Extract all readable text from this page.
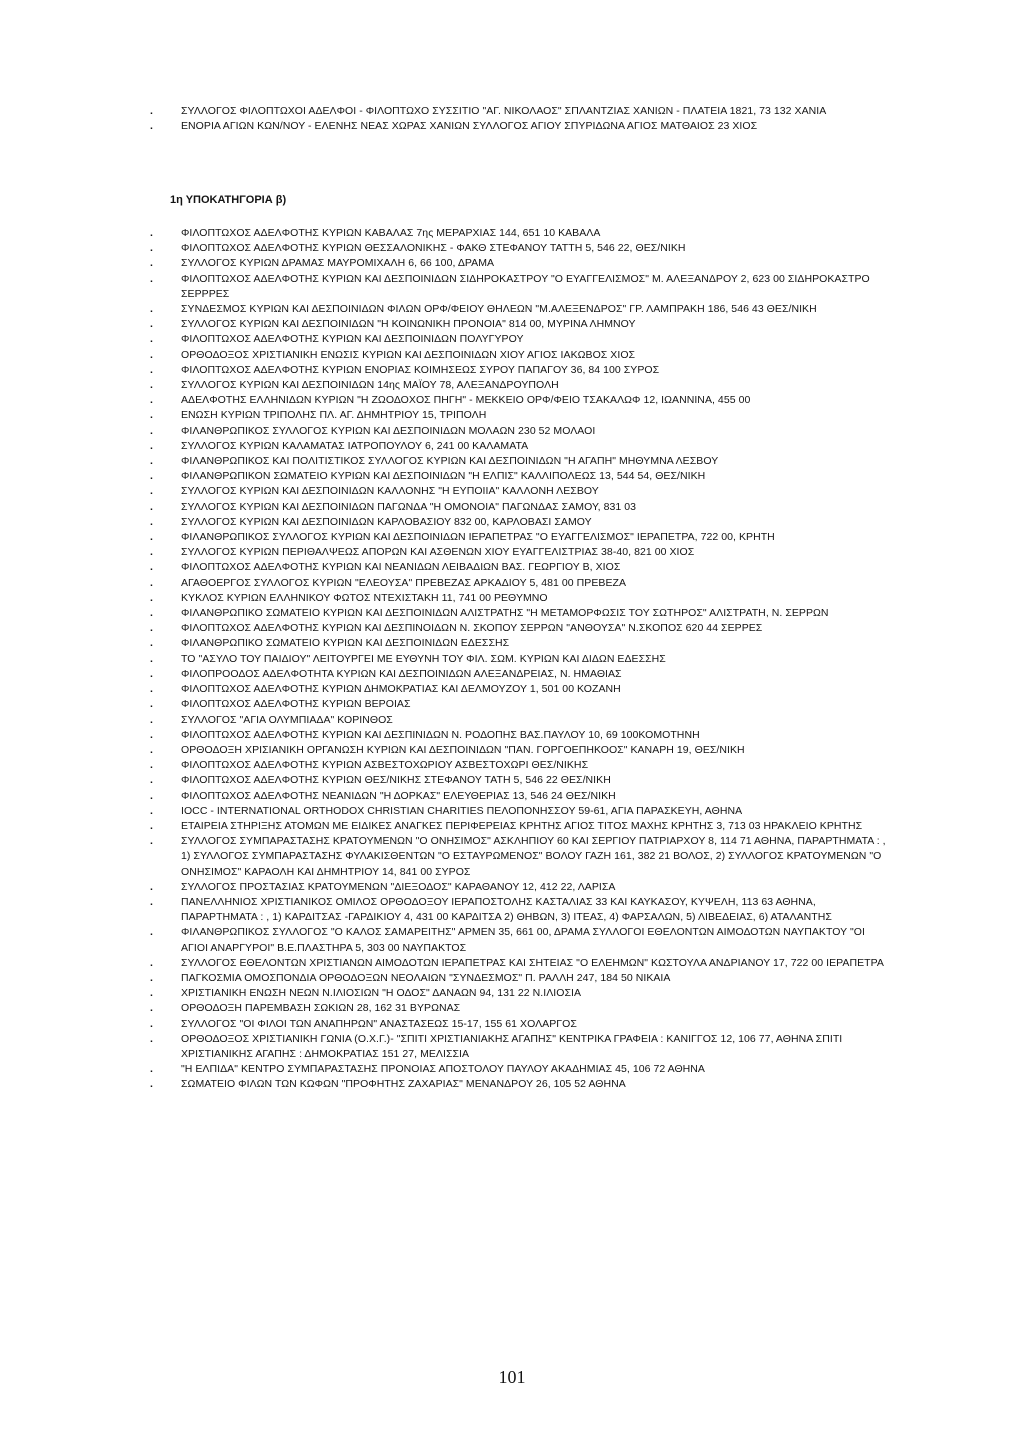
.	ΣΥΛΛΟΓΟΣ ΦΙΛΟΠΤΩΧΟΙ ΑΔΕΛΦΟΙ - ΦΙΛΟΠΤΩΧΟ ΣΥΣΣΙΤΙΟ "ΑΓ. ΝΙΚΟΛΑΟΣ" ΣΠΛΑΝΤΖΙΑΣ ΧΑΝΙΩΝ - ΠΛΑΤΕΙΑ 1821, 73 132 ΧΑΝΙΑ
.	ΕΝΟΡΙΑ ΑΓΙΩΝ ΚΩΝ/ΝΟΥ - ΕΛΕΝΗΣ ΝΕΑΣ ΧΩΡΑΣ ΧΑΝΙΩΝ ΣΥΛΛΟΓΟΣ ΑΓΙΟΥ ΣΠΥΡΙΔΩΝΑ ΑΓΙΟΣ ΜΑΤΘΑΙΟΣ 23 ΧΙΟΣ
1η ΥΠΟΚΑΤΗΓΟΡΙΑ β)
.	ΦΙΛΟΠΤΩΧΟΣ ΑΔΕΛΦΟΤΗΣ ΚΥΡΙΩΝ ΚΑΒΑΛΑΣ 7ης ΜΕΡΑΡΧΙΑΣ 144, 651 10 ΚΑΒΑΛΑ
.	ΦΙΛΟΠΤΩΧΟΣ ΑΔΕΛΦΟΤΗΣ ΚΥΡΙΩΝ ΘΕΣΣΑΛΟΝΙΚΗΣ - ΦΑΚΘ ΣΤΕΦΑΝΟΥ ΤΑΤΤΗ 5, 546 22, ΘΕΣ/ΝΙΚΗ
.	ΣΥΛΛΟΓΟΣ ΚΥΡΙΩΝ ΔΡΑΜΑΣ ΜΑΥΡΟΜΙΧΑΛΗ 6, 66 100, ΔΡΑΜΑ
.	ΦΙΛΟΠΤΩΧΟΣ ΑΔΕΛΦΟΤΗΣ ΚΥΡΙΩΝ ΚΑΙ ΔΕΣΠΟΙΝΙΔΩΝ ΣΙΔΗΡΟΚΑΣΤΡΟΥ "Ο ΕΥΑΓΓΕΛΙΣΜΟΣ" Μ. ΑΛΕΞΑΝΔΡΟΥ 2, 623 00 ΣΙΔΗΡΟΚΑΣΤΡΟ ΣΕΡΡΡΕΣ
.	ΣΥΝΔΕΣΜΟΣ ΚΥΡΙΩΝ ΚΑΙ ΔΕΣΠΟΙΝΙΔΩΝ ΦΙΛΩΝ ΟΡΦ/ΦΕΙΟΥ ΘΗΛΕΩΝ "Μ.ΑΛΕΞΕΝΔΡΟΣ" ΓΡ. ΛΑΜΠΡΑΚΗ 186, 546 43 ΘΕΣ/ΝΙΚΗ
.	ΣΥΛΛΟΓΟΣ ΚΥΡΙΩΝ ΚΑΙ ΔΕΣΠΟΙΝΙΔΩΝ "Η ΚΟΙΝΩΝΙΚΗ ΠΡΟΝΟΙΑ" 814 00, ΜΥΡΙΝΑ ΛΗΜΝΟΥ
.	ΦΙΛΟΠΤΩΧΟΣ ΑΔΕΛΦΟΤΗΣ ΚΥΡΙΩΝ ΚΑΙ ΔΕΣΠΟΙΝΙΔΩΝ ΠΟΛΥΓΥΡΟΥ
.	ΟΡΘΟΔΟΞΟΣ ΧΡΙΣΤΙΑΝΙΚΗ ΕΝΩΣΙΣ ΚΥΡΙΩΝ ΚΑΙ ΔΕΣΠΟΙΝΙΔΩΝ ΧΙΟΥ ΑΓΙΟΣ ΙΑΚΩΒΟΣ ΧΙΟΣ
.	ΦΙΛΟΠΤΩΧΟΣ ΑΔΕΛΦΟΤΗΣ ΚΥΡΙΩΝ ΕΝΟΡΙΑΣ ΚΟΙΜΗΣΕΩΣ ΣΥΡΟΥ ΠΑΠΑΓΟΥ 36, 84 100 ΣΥΡΟΣ
.	ΣΥΛΛΟΓΟΣ ΚΥΡΙΩΝ ΚΑΙ ΔΕΣΠΟΙΝΙΔΩΝ 14ης ΜΑΪΟΥ 78, ΑΛΕΞΑΝΔΡΟΥΠΟΛΗ
.	ΑΔΕΛΦΟΤΗΣ ΕΛΛΗΝΙΔΩΝ ΚΥΡΙΩΝ "Η ΖΩΟΔΟΧΟΣ ΠΗΓΗ" - ΜΕΚΚΕΙΟ ΟΡΦ/ΦΕΙΟ ΤΣΑΚΑΛΩΦ 12, ΙΩΑΝΝΙΝΑ, 455 00
.	ΕΝΩΣΗ ΚΥΡΙΩΝ ΤΡΙΠΟΛΗΣ ΠΛ. ΑΓ. ΔΗΜΗΤΡΙΟΥ 15, ΤΡΙΠΟΛΗ
.	ΦΙΛΑΝΘΡΩΠΙΚΟΣ ΣΥΛΛΟΓΟΣ ΚΥΡΙΩΝ ΚΑΙ ΔΕΣΠΟΙΝΙΔΩΝ ΜΟΛΑΩΝ 230 52 ΜΟΛΑΟΙ
.	ΣΥΛΛΟΓΟΣ ΚΥΡΙΩΝ ΚΑΛΑΜΑΤΑΣ ΙΑΤΡΟΠΟΥΛΟΥ 6, 241 00 ΚΑΛΑΜΑΤΑ
.	ΦΙΛΑΝΘΡΩΠΙΚΟΣ ΚΑΙ ΠΟΛΙΤΙΣΤΙΚΟΣ ΣΥΛΛΟΓΟΣ ΚΥΡΙΩΝ ΚΑΙ ΔΕΣΠΟΙΝΙΔΩΝ "Η ΑΓΑΠΗ" ΜΗΘΥΜΝΑ ΛΕΣΒΟΥ
.	ΦΙΛΑΝΘΡΩΠΙΚΟΝ ΣΩΜΑΤΕΙΟ ΚΥΡΙΩΝ ΚΑΙ ΔΕΣΠΟΙΝΙΔΩΝ "Η ΕΛΠΙΣ" ΚΑΛΛΙΠΟΛΕΩΣ 13, 544 54, ΘΕΣ/ΝΙΚΗ
.	ΣΥΛΛΟΓΟΣ ΚΥΡΙΩΝ ΚΑΙ ΔΕΣΠΟΙΝΙΔΩΝ ΚΑΛΛΟΝΗΣ "Η ΕΥΠΟΙΙΑ" ΚΑΛΛΟΝΗ ΛΕΣΒΟΥ
.	ΣΥΛΛΟΓΟΣ ΚΥΡΙΩΝ ΚΑΙ ΔΕΣΠΟΙΝΙΔΩΝ ΠΑΓΩΝΔΑ "Η ΟΜΟΝΟΙΑ" ΠΑΓΩΝΔΑΣ ΣΑΜΟΥ, 831 03
.	ΣΥΛΛΟΓΟΣ ΚΥΡΙΩΝ ΚΑΙ ΔΕΣΠΟΙΝΙΔΩΝ ΚΑΡΛΟΒΑΣΙΟΥ 832 00, ΚΑΡΛΟΒΑΣΙ ΣΑΜΟΥ
.	ΦΙΛΑΝΘΡΩΠΙΚΟΣ ΣΥΛΛΟΓΟΣ ΚΥΡΙΩΝ ΚΑΙ ΔΕΣΠΟΙΝΙΔΩΝ ΙΕΡΑΠΕΤΡΑΣ "Ο ΕΥΑΓΓΕΛΙΣΜΟΣ" ΙΕΡΑΠΕΤΡΑ, 722 00, ΚΡΗΤΗ
.	ΣΥΛΛΟΓΟΣ ΚΥΡΙΩΝ ΠΕΡΙΘΑΛΨΕΩΣ ΑΠΟΡΩΝ ΚΑΙ ΑΣΘΕΝΩΝ ΧΙΟΥ ΕΥΑΓΓΕΛΙΣΤΡΙΑΣ 38-40, 821 00 ΧΙΟΣ
.	ΦΙΛΟΠΤΩΧΟΣ ΑΔΕΛΦΟΤΗΣ ΚΥΡΙΩΝ ΚΑΙ ΝΕΑΝΙΔΩΝ ΛΕΙΒΑΔΙΩΝ ΒΑΣ. ΓΕΩΡΓΙΟΥ Β, ΧΙΟΣ
.	ΑΓΑΘΟΕΡΓΟΣ ΣΥΛΛΟΓΟΣ ΚΥΡΙΩΝ "ΕΛΕΟΥΣΑ" ΠΡΕΒΕΖΑΣ ΑΡΚΑΔΙΟΥ 5, 481 00 ΠΡΕΒΕΖΑ
.	ΚΥΚΛΟΣ ΚΥΡΙΩΝ ΕΛΛΗΝΙΚΟΥ ΦΩΤΟΣ ΝΤΕΧΙΣΤΑΚΗ 11, 741 00 ΡΕΘΥΜΝΟ
.	ΦΙΛΑΝΘΡΩΠΙΚΟ ΣΩΜΑΤΕΙΟ ΚΥΡΙΩΝ ΚΑΙ ΔΕΣΠΟΙΝΙΔΩΝ ΑΛΙΣΤΡΑΤΗΣ "Η ΜΕΤΑΜΟΡΦΩΣΙΣ ΤΟΥ ΣΩΤΗΡΟΣ" ΑΛΙΣΤΡΑΤΗ, Ν. ΣΕΡΡΩΝ
.	ΦΙΛΟΠΤΩΧΟΣ ΑΔΕΛΦΟΤΗΣ ΚΥΡΙΩΝ ΚΑΙ ΔΕΣΠΙΝΟΙΔΩΝ Ν. ΣΚΟΠΟΥ ΣΕΡΡΩΝ "ΑΝΘΟΥΣΑ" Ν.ΣΚΟΠΟΣ 620 44 ΣΕΡΡΕΣ
.	ΦΙΛΑΝΘΡΩΠΙΚΟ ΣΩΜΑΤΕΙΟ ΚΥΡΙΩΝ ΚΑΙ ΔΕΣΠΟΙΝΙΔΩΝ ΕΔΕΣΣΗΣ
.	ΤΟ "ΑΣΥΛΟ ΤΟΥ ΠΑΙΔΙΟΥ" ΛΕΙΤΟΥΡΓΕΙ ΜΕ ΕΥΘΥΝΗ ΤΟΥ ΦΙΛ. ΣΩΜ. ΚΥΡΙΩΝ ΚΑΙ ΔΙΔΩΝ ΕΔΕΣΣΗΣ
.	ΦΙΛΟΠΡΟΟΔΟΣ ΑΔΕΛΦΟΤΗΤΑ ΚΥΡΙΩΝ ΚΑΙ ΔΕΣΠΟΙΝΙΔΩΝ ΑΛΕΞΑΝΔΡΕΙΑΣ, Ν. ΗΜΑΘΙΑΣ
.	ΦΙΛΟΠΤΩΧΟΣ ΑΔΕΛΦΟΤΗΣ ΚΥΡΙΩΝ ΔΗΜΟΚΡΑΤΙΑΣ ΚΑΙ ΔΕΛΜΟΥΖΟΥ 1, 501 00 ΚΟΖΑΝΗ
.	ΦΙΛΟΠΤΩΧΟΣ ΑΔΕΛΦΟΤΗΣ ΚΥΡΙΩΝ ΒΕΡΟΙΑΣ
.	ΣΥΛΛΟΓΟΣ "ΑΓΙΑ ΟΛΥΜΠΙΑΔΑ" ΚΟΡΙΝΘΟΣ
.	ΦΙΛΟΠΤΩΧΟΣ ΑΔΕΛΦΟΤΗΣ ΚΥΡΙΩΝ ΚΑΙ ΔΕΣΠΙΝΙΔΩΝ Ν. ΡΟΔΟΠΗΣ ΒΑΣ.ΠΑΥΛΟΥ 10, 69 100ΚΟΜΟΤΗΝΗ
.	ΟΡΘΟΔΟΞΗ ΧΡΙΣΙΑΝΙΚΗ ΟΡΓΑΝΩΣΗ ΚΥΡΙΩΝ ΚΑΙ ΔΕΣΠΟΙΝΙΔΩΝ "ΠΑΝ. ΓΟΡΓΟΕΠΗΚΟΟΣ" ΚΑΝΑΡΗ 19, ΘΕΣ/ΝΙΚΗ
.	ΦΙΛΟΠΤΩΧΟΣ ΑΔΕΛΦΟΤΗΣ ΚΥΡΙΩΝ ΑΣΒΕΣΤΟΧΩΡΙΟΥ ΑΣΒΕΣΤΟΧΩΡΙ ΘΕΣ/ΝΙΚΗΣ
.	ΦΙΛΟΠΤΩΧΟΣ ΑΔΕΛΦΟΤΗΣ ΚΥΡΙΩΝ ΘΕΣ/ΝΙΚΗΣ ΣΤΕΦΑΝΟΥ ΤΑΤΗ 5, 546 22 ΘΕΣ/ΝΙΚΗ
.	ΦΙΛΟΠΤΩΧΟΣ ΑΔΕΛΦΟΤΗΣ ΝΕΑΝΙΔΩΝ "Η ΔΟΡΚΑΣ" ΕΛΕΥΘΕΡΙΑΣ 13, 546 24 ΘΕΣ/ΝΙΚΗ
.	IOCC - INTERNATIONAL ORTHODOX CHRISTIAN CHARITIES ΠΕΛΟΠΟΝΗΣΣΟΥ 59-61, ΑΓΙΑ ΠΑΡΑΣΚΕΥΗ, ΑΘΗΝΑ
.	ΕΤΑΙΡΕΙΑ ΣΤΗΡΙΞΗΣ ΑΤΟΜΩΝ ΜΕ ΕΙΔΙΚΕΣ ΑΝΑΓΚΕΣ ΠΕΡΙΦΕΡΕΙΑΣ ΚΡΗΤΗΣ ΑΓΙΟΣ ΤΙΤΟΣ ΜΑΧΗΣ ΚΡΗΤΗΣ 3, 713 03 ΗΡΑΚΛΕΙΟ ΚΡΗΤΗΣ
.	ΣΥΛΛΟΓΟΣ ΣΥΜΠΑΡΑΣΤΑΣΗΣ ΚΡΑΤΟΥΜΕΝΩΝ "Ο ΟΝΗΣΙΜΟΣ" ΑΣΚΛΗΠΙΟΥ 60 ΚΑΙ ΣΕΡΓΙΟΥ ΠΑΤΡΙΑΡΧΟΥ 8, 114 71 ΑΘΗΝΑ, ΠΑΡΑΡΤΗΜΑΤΑ : , 1) ΣΥΛΛΟΓΟΣ ΣΥΜΠΑΡΑΣΤΑΣΗΣ ΦΥΛΑΚΙΣΘΕΝΤΩΝ "Ο ΕΣΤΑΥΡΩΜΕΝΟΣ" ΒΟΛΟΥ ΓΑΖΗ 161, 382 21 ΒΟΛΟΣ, 2) ΣΥΛΛΟΓΟΣ ΚΡΑΤΟΥΜΕΝΩΝ "Ο ΟΝΗΣΙΜΟΣ" ΚΑΡΑΟΛΗ ΚΑΙ ΔΗΜΗΤΡΙΟΥ 14, 841 00 ΣΥΡΟΣ
.	ΣΥΛΛΟΓΟΣ ΠΡΟΣΤΑΣΙΑΣ ΚΡΑΤΟΥΜΕΝΩΝ "ΔΙΕΞΟΔΟΣ" ΚΑΡΑΘΑΝΟΥ 12, 412 22, ΛΑΡΙΣΑ
.	ΠΑΝΕΛΛΗΝΙΟΣ ΧΡΙΣΤΙΑΝΙΚΟΣ ΟΜΙΛΟΣ ΟΡΘΟΔΟΞΟΥ ΙΕΡΑΠΟΣΤΟΛΗΣ ΚΑΣΤΑΛΙΑΣ 33 ΚΑΙ ΚΑΥΚΑΣΟΥ, ΚΥΨΕΛΗ, 113 63 ΑΘΗΝΑ, ΠΑΡΑΡΤΗΜΑΤΑ : , 1) ΚΑΡΔΙΤΣΑΣ -ΓΑΡΔΙΚΙΟΥ 4, 431 00 ΚΑΡΔΙΤΣΑ 2) ΘΗΒΩΝ, 3) ΙΤΕΑΣ, 4) ΦΑΡΣΑΛΩΝ, 5) ΛΙΒΕΔΕΙΑΣ, 6) ΑΤΑΛΑΝΤΗΣ
.	ΦΙΛΑΝΘΡΩΠΙΚΟΣ ΣΥΛΛΟΓΟΣ "Ο ΚΑΛΟΣ ΣΑΜΑΡΕΙΤΗΣ" ΑΡΜΕΝ 35, 661 00, ΔΡΑΜΑ ΣΥΛΛΟΓΟΙ ΕΘΕΛΟΝΤΩΝ ΑΙΜΟΔΟΤΩΝ ΝΑΥΠΑΚΤΟΥ "ΟΙ ΑΓΙΟΙ ΑΝΑΡΓΥΡΟΙ" Β.Ε.ΠΛΑΣΤΗΡΑ 5, 303 00 ΝΑΥΠΑΚΤΟΣ
.	ΣΥΛΛΟΓΟΣ ΕΘΕΛΟΝΤΩΝ ΧΡΙΣΤΙΑΝΩΝ ΑΙΜΟΔΟΤΩΝ ΙΕΡΑΠΕΤΡΑΣ ΚΑΙ ΣΗΤΕΙΑΣ "Ο ΕΛΕΗΜΩΝ" ΚΩΣΤΟΥΛΑ ΑΝΔΡΙΑΝΟΥ 17, 722 00 ΙΕΡΑΠΕΤΡΑ
.	ΠΑΓΚΟΣΜΙΑ ΟΜΟΣΠΟΝΔΙΑ ΟΡΘΟΔΟΞΩΝ ΝΕΟΛΑΙΩΝ "ΣΥΝΔΕΣΜΟΣ" Π. ΡΑΛΛΗ 247, 184 50 ΝΙΚΑΙΑ
.	ΧΡΙΣΤΙΑΝΙΚΗ ΕΝΩΣΗ ΝΕΩΝ Ν.ΙΛΙΟΣΙΩΝ "Η ΟΔΟΣ" ΔΑΝΑΩΝ 94, 131 22 Ν.ΙΛΙΟΣΙΑ
.	ΟΡΘΟΔΟΞΗ ΠΑΡΕΜΒΑΣΗ ΣΩΚΙΩΝ 28, 162 31 ΒΥΡΩΝΑΣ
.	ΣΥΛΛΟΓΟΣ "ΟΙ ΦΙΛΟΙ ΤΩΝ ΑΝΑΠΗΡΩΝ" ΑΝΑΣΤΑΣΕΩΣ 15-17, 155 61 ΧΟΛΑΡΓΟΣ
.	ΟΡΘΟΔΟΞΟΣ ΧΡΙΣΤΙΑΝΙΚΗ ΓΩΝΙΑ (Ο.Χ.Γ.)- "ΣΠΙΤΙ ΧΡΙΣΤΙΑΝΙΑΚΗΣ ΑΓΑΠΗΣ" ΚΕΝΤΡΙΚΑ ΓΡΑΦΕΙΑ : ΚΑΝΙΓΓΟΣ 12, 106 77, ΑΘΗΝΑ ΣΠΙΤΙ ΧΡΙΣΤΙΑΝΙΚΗΣ ΑΓΑΠΗΣ : ΔΗΜΟΚΡΑΤΙΑΣ 151 27, ΜΕΛΙΣΣΙΑ
.	"Η ΕΛΠΙΔΑ" ΚΕΝΤΡΟ ΣΥΜΠΑΡΑΣΤΑΣΗΣ ΠΡΟΝΟΙΑΣ ΑΠΟΣΤΟΛΟΥ ΠΑΥΛΟΥ ΑΚΑΔΗΜΙΑΣ 45, 106 72 ΑΘΗΝΑ
.	ΣΩΜΑΤΕΙΟ ΦΙΛΩΝ ΤΩΝ ΚΩΦΩΝ "ΠΡΟΦΗΤΗΣ ΖΑΧΑΡΙΑΣ" ΜΕΝΑΝΔΡΟΥ 26, 105 52 ΑΘΗΝΑ
101
